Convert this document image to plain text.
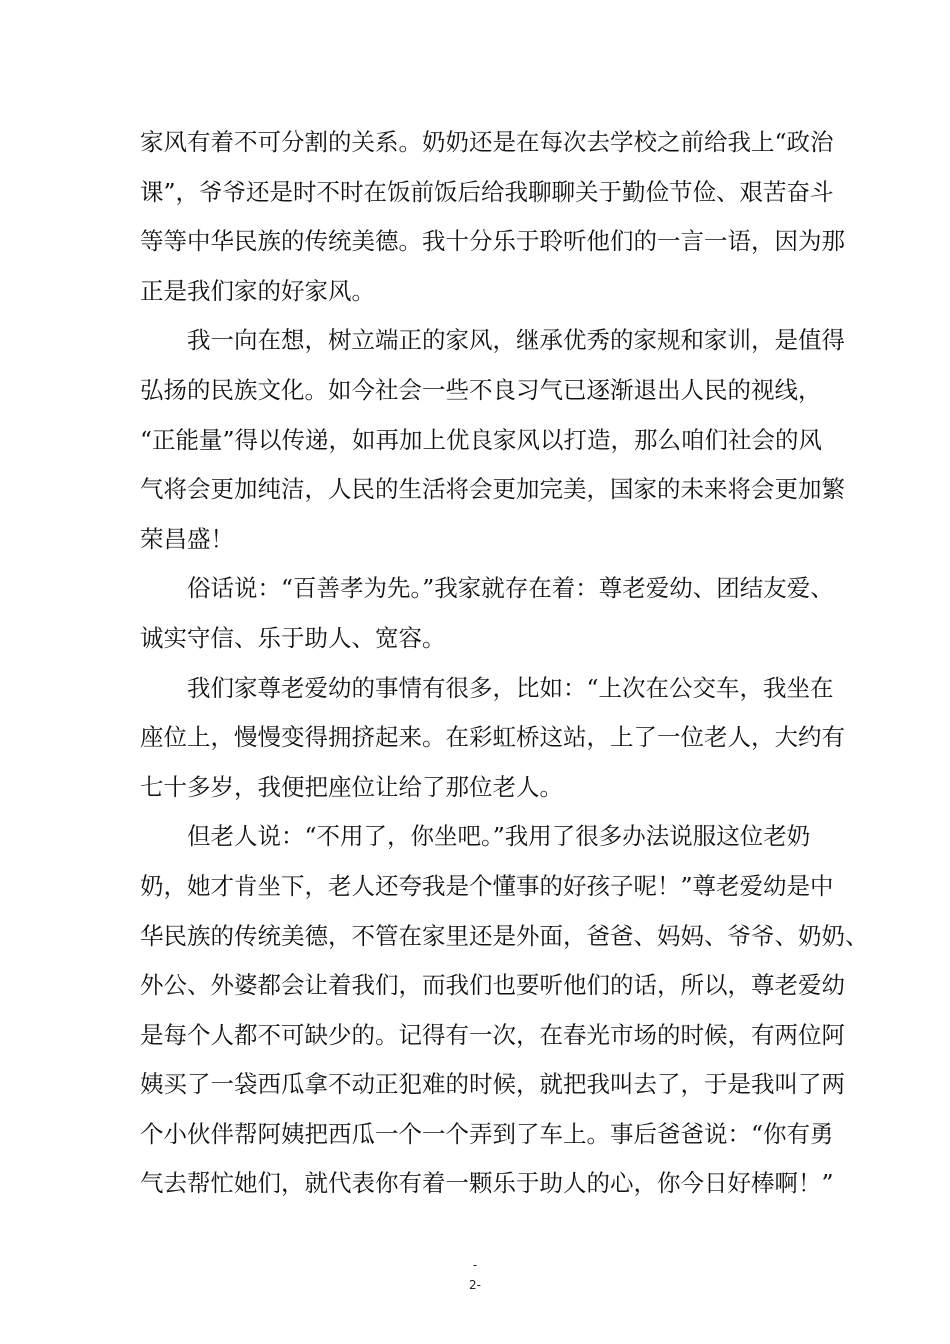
家风有着不可分割的关系。奶奶还是在每次去学校之前给我上“政治
课”，爷爷还是时不时在饭前饭后给我聊聊关于勤俭节俭、艰苦奋斗
等等中华民族的传统美德。我十分乐于聆听他们的一言一语，因为那
正是我们家的好家风。
我一向在想，树立端正的家风，继承优秀的家规和家训，是值得
弘扬的民族文化。如今社会一些不良习气已逐渐退出人民的视线，
“正能量”得以传递，如再加上优良家风以打造，那么咱们社会的风
气将会更加纯洁，人民的生活将会更加完美，国家的未来将会更加繁
荣昌盛！
俗话说：“百善孝为先。”我家就存在着：尊老爱幼、团结友爱、
诚实守信、乐于助人、宽容。
我们家尊老爱幼的事情有很多，比如：“上次在公交车，我坐在
座位上，慢慢变得拥挤起来。在彩虹桥这站，上了一位老人，大约有
七十多岁，我便把座位让给了那位老人。
但老人说：“不用了，你坐吧。”我用了很多办法说服这位老奶
奶，她才肯坐下，老人还夸我是个懂事的好孩子呢！”尊老爱幼是中
华民族的传统美德，不管在家里还是外面，爸爸、妈妈、爷爷、奶奶、
外公、外婆都会让着我们，而我们也要听他们的话，所以，尊老爱幼
是每个人都不可缺少的。记得有一次，在春光市场的时候，有两位阿
姨买了一袋西瓜拿不动正犯难的时候，就把我叫去了，于是我叫了两
个小伙伴帮阿姨把西瓜一个一个弄到了车上。事后爸爸说：“你有勇
气去帮忙她们，就代表你有着一颗乐于助人的心，你今日好棒啊！”
-
2-
